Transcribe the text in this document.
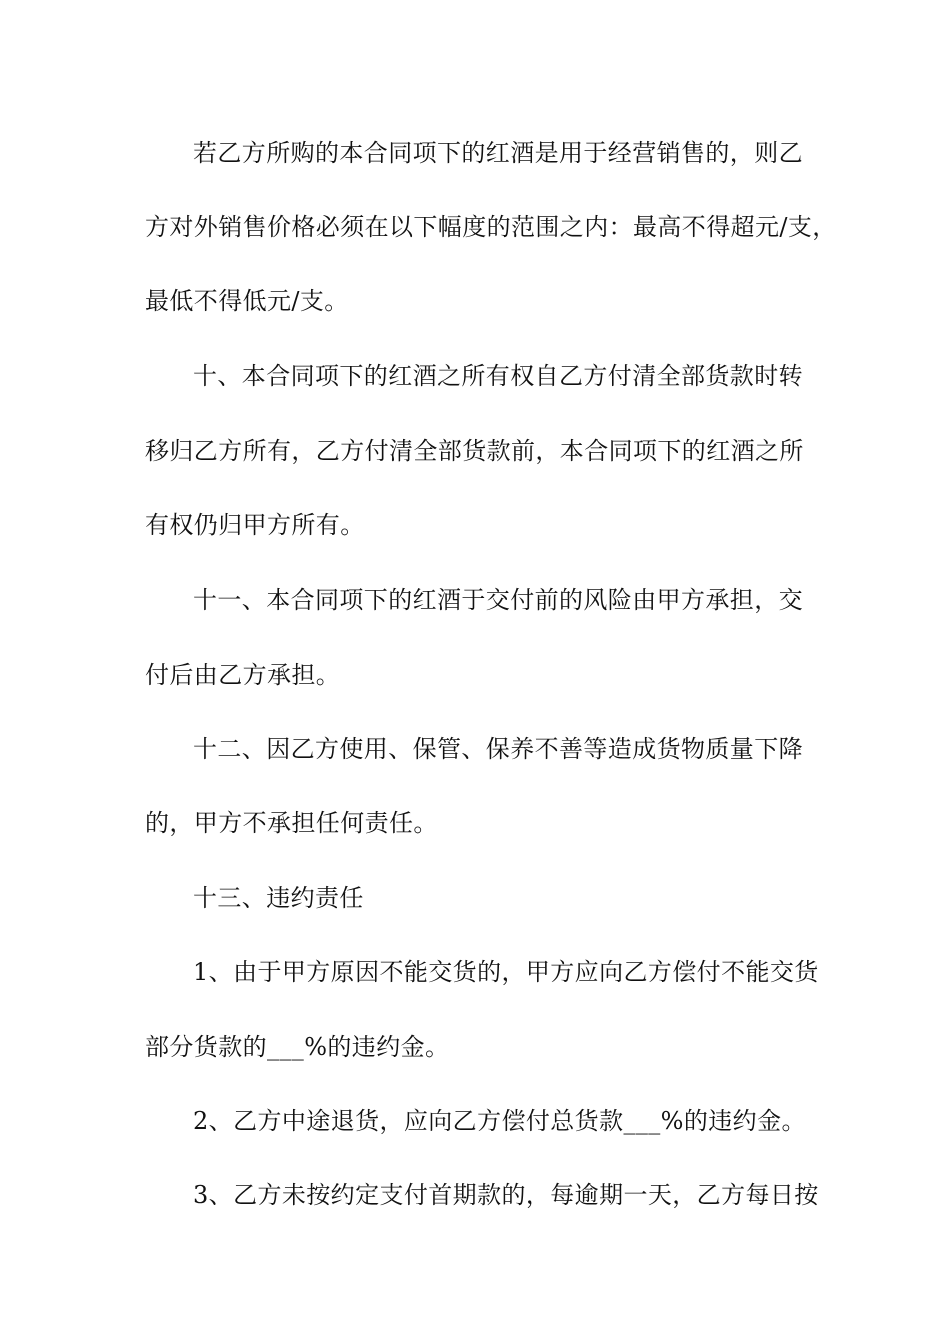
若乙方所购的本合同项下的红酒是用于经营销售的，则乙
方对外销售价格必须在以下幅度的范围之内：最高不得超元/支，
最低不得低元/支。
十、本合同项下的红酒之所有权自乙方付清全部货款时转
移归乙方所有，乙方付清全部货款前，本合同项下的红酒之所
有权仍归甲方所有。
十一、本合同项下的红酒于交付前的风险由甲方承担，交
付后由乙方承担。
十二、因乙方使用、保管、保养不善等造成货物质量下降
的，甲方不承担任何责任。
十三、违约责任
1、由于甲方原因不能交货的，甲方应向乙方偿付不能交货
部分货款的___%的违约金。
2、乙方中途退货，应向乙方偿付总货款___%的违约金。
3、乙方未按约定支付首期款的，每逾期一天，乙方每日按
